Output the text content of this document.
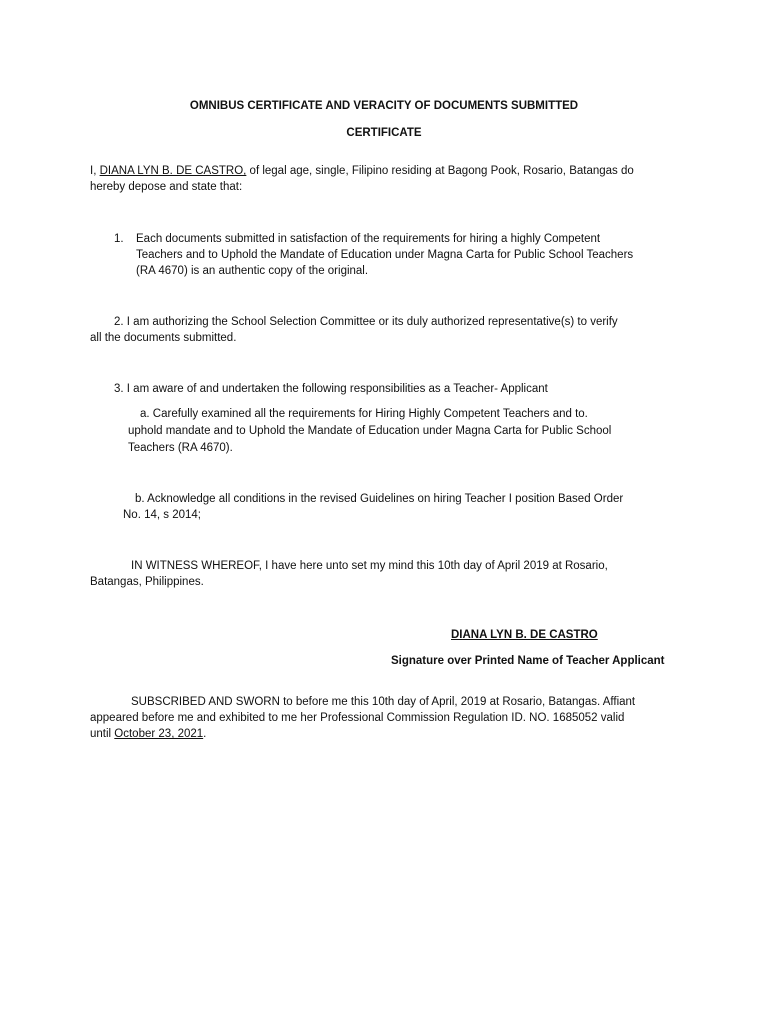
OMNIBUS CERTIFICATE AND VERACITY OF DOCUMENTS SUBMITTED
CERTIFICATE
I, DIANA LYN B. DE CASTRO, of legal age, single, Filipino residing at Bagong Pook, Rosario, Batangas do
hereby depose and state that:
1. Each documents submitted in satisfaction of the requirements for hiring a highly Competent
Teachers and to Uphold the Mandate of Education under Magna Carta for Public School Teachers
(RA 4670) is an authentic copy of the original.
2. I am authorizing the School Selection Committee or its duly authorized representative(s) to verify
all the documents submitted.
3. I am aware of and undertaken the following responsibilities as a Teacher- Applicant
a. Carefully examined all the requirements for Hiring Highly Competent Teachers and to.
uphold mandate and to Uphold the Mandate of Education under Magna Carta for Public School
Teachers (RA 4670).
b. Acknowledge all conditions in the revised Guidelines on hiring Teacher I position Based Order
No. 14, s 2014;
IN WITNESS WHEREOF, I have here unto set my mind this 10th day of April 2019 at Rosario,
Batangas, Philippines.
DIANA LYN B. DE CASTRO
Signature over Printed Name of Teacher Applicant
SUBSCRIBED AND SWORN to before me this 10th day of April, 2019 at Rosario, Batangas. Affiant
appeared before me and exhibited to me her Professional Commission Regulation ID. NO. 1685052 valid
until October 23, 2021.
